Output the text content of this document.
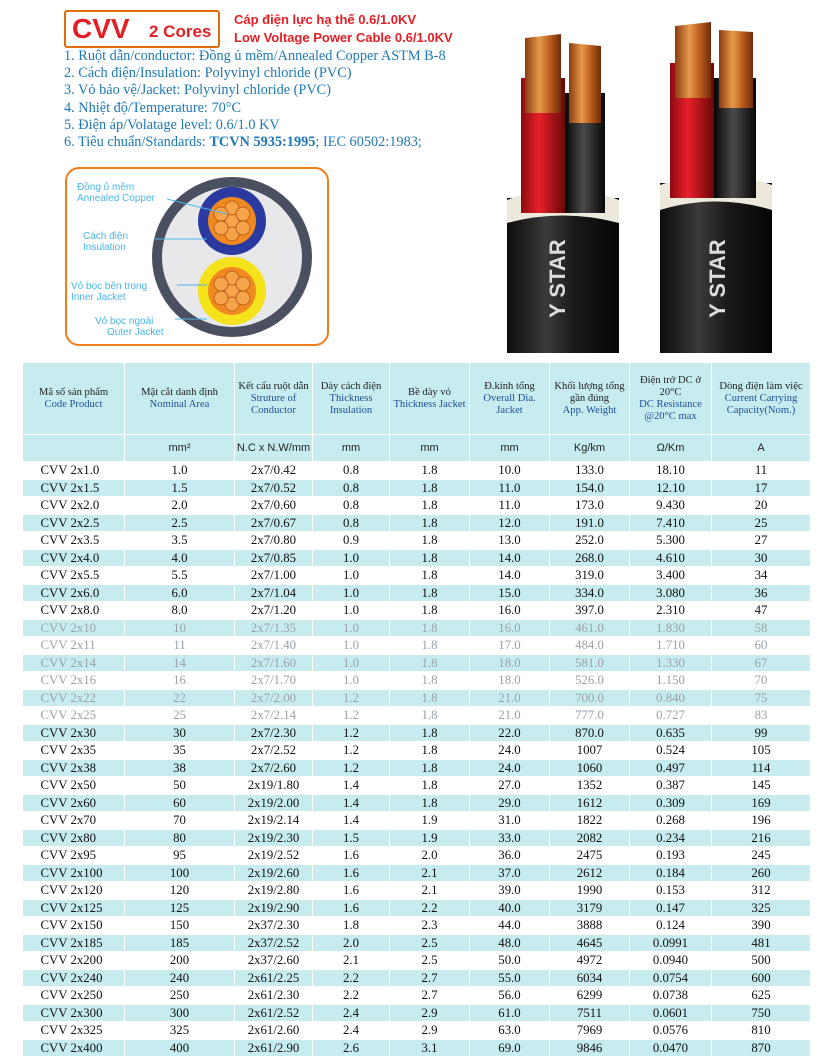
CVV 2 Cores
Cáp điện lực hạ thế 0.6/1.0KV
Low Voltage Power Cable 0.6/1.0KV
1. Ruột dẫn/conductor: Đồng ủ mềm/Annealed Copper ASTM B-8
2. Cách điện/Insulation: Polyvinyl chloride (PVC)
3. Vỏ bảo vệ/Jacket: Polyvinyl chloride (PVC)
4. Nhiệt độ/Temperature: 70°C
5. Điện áp/Volatage level: 0.6/1.0 KV
6. Tiêu chuẩn/Standards: TCVN 5935:1995; IEC 60502:1983;
Y STAR	Y STAR
Đồng ủ mềm
Annealed Copper
Cách điện
Insulation
Vỏ bọc bên trong
Inner Jacket
Vỏ bọc ngoài
Outer Jacket
Mã số sản phẩm
Code Product	Mặt cắt danh định
Nominal Area	Kết cấu ruột dẫn
Struture of Conductor	Dày cách điện
Thickness Insulation	Bề dày vỏ
Thickness Jacket	Đ.kính tổng
Overall Dia. Jacket	Khối lượng tổng gần đúng
App. Weight	Điện trở DC ở 20°C
DC Resistance @20°C max	Dòng điện làm việc
Current Carrying Capacity(Nom.)
	mm²	N.C x N.W/mm	mm	mm	mm	Kg/km	Ω/Km	A
CVV 2x1.0	1.0	2x7/0.42	0.8	1.8	10.0	133.0	18.10	11
CVV 2x1.5	1.5	2x7/0.52	0.8	1.8	11.0	154.0	12.10	17
CVV 2x2.0	2.0	2x7/0.60	0.8	1.8	11.0	173.0	9.430	20
CVV 2x2.5	2.5	2x7/0.67	0.8	1.8	12.0	191.0	7.410	25
CVV 2x3.5	3.5	2x7/0.80	0.9	1.8	13.0	252.0	5.300	27
CVV 2x4.0	4.0	2x7/0.85	1.0	1.8	14.0	268.0	4.610	30
CVV 2x5.5	5.5	2x7/1.00	1.0	1.8	14.0	319.0	3.400	34
CVV 2x6.0	6.0	2x7/1.04	1.0	1.8	15.0	334.0	3.080	36
CVV 2x8.0	8.0	2x7/1.20	1.0	1.8	16.0	397.0	2.310	47
CVV 2x10	10	2x7/1.35	1.0	1.8	16.0	461.0	1.830	58
CVV 2x11	11	2x7/1.40	1.0	1.8	17.0	484.0	1.710	60
CVV 2x14	14	2x7/1.60	1.0	1.8	18.0	581.0	1.330	67
CVV 2x16	16	2x7/1.70	1.0	1.8	18.0	526.0	1.150	70
CVV 2x22	22	2x7/2.00	1.2	1.8	21.0	700.0	0.840	75
CVV 2x25	25	2x7/2.14	1.2	1.8	21.0	777.0	0.727	83
CVV 2x30	30	2x7/2.30	1.2	1.8	22.0	870.0	0.635	99
CVV 2x35	35	2x7/2.52	1.2	1.8	24.0	1007	0.524	105
CVV 2x38	38	2x7/2.60	1.2	1.8	24.0	1060	0.497	114
CVV 2x50	50	2x19/1.80	1.4	1.8	27.0	1352	0.387	145
CVV 2x60	60	2x19/2.00	1.4	1.8	29.0	1612	0.309	169
CVV 2x70	70	2x19/2.14	1.4	1.9	31.0	1822	0.268	196
CVV 2x80	80	2x19/2.30	1.5	1.9	33.0	2082	0.234	216
CVV 2x95	95	2x19/2.52	1.6	2.0	36.0	2475	0.193	245
CVV 2x100	100	2x19/2.60	1.6	2.1	37.0	2612	0.184	260
CVV 2x120	120	2x19/2.80	1.6	2.1	39.0	1990	0.153	312
CVV 2x125	125	2x19/2.90	1.6	2.2	40.0	3179	0.147	325
CVV 2x150	150	2x37/2.30	1.8	2.3	44.0	3888	0.124	390
CVV 2x185	185	2x37/2.52	2.0	2.5	48.0	4645	0.0991	481
CVV 2x200	200	2x37/2.60	2.1	2.5	50.0	4972	0.0940	500
CVV 2x240	240	2x61/2.25	2.2	2.7	55.0	6034	0.0754	600
CVV 2x250	250	2x61/2.30	2.2	2.7	56.0	6299	0.0738	625
CVV 2x300	300	2x61/2.52	2.4	2.9	61.0	7511	0.0601	750
CVV 2x325	325	2x61/2.60	2.4	2.9	63.0	7969	0.0576	810
CVV 2x400	400	2x61/2.90	2.6	3.1	69.0	9846	0.0470	870
